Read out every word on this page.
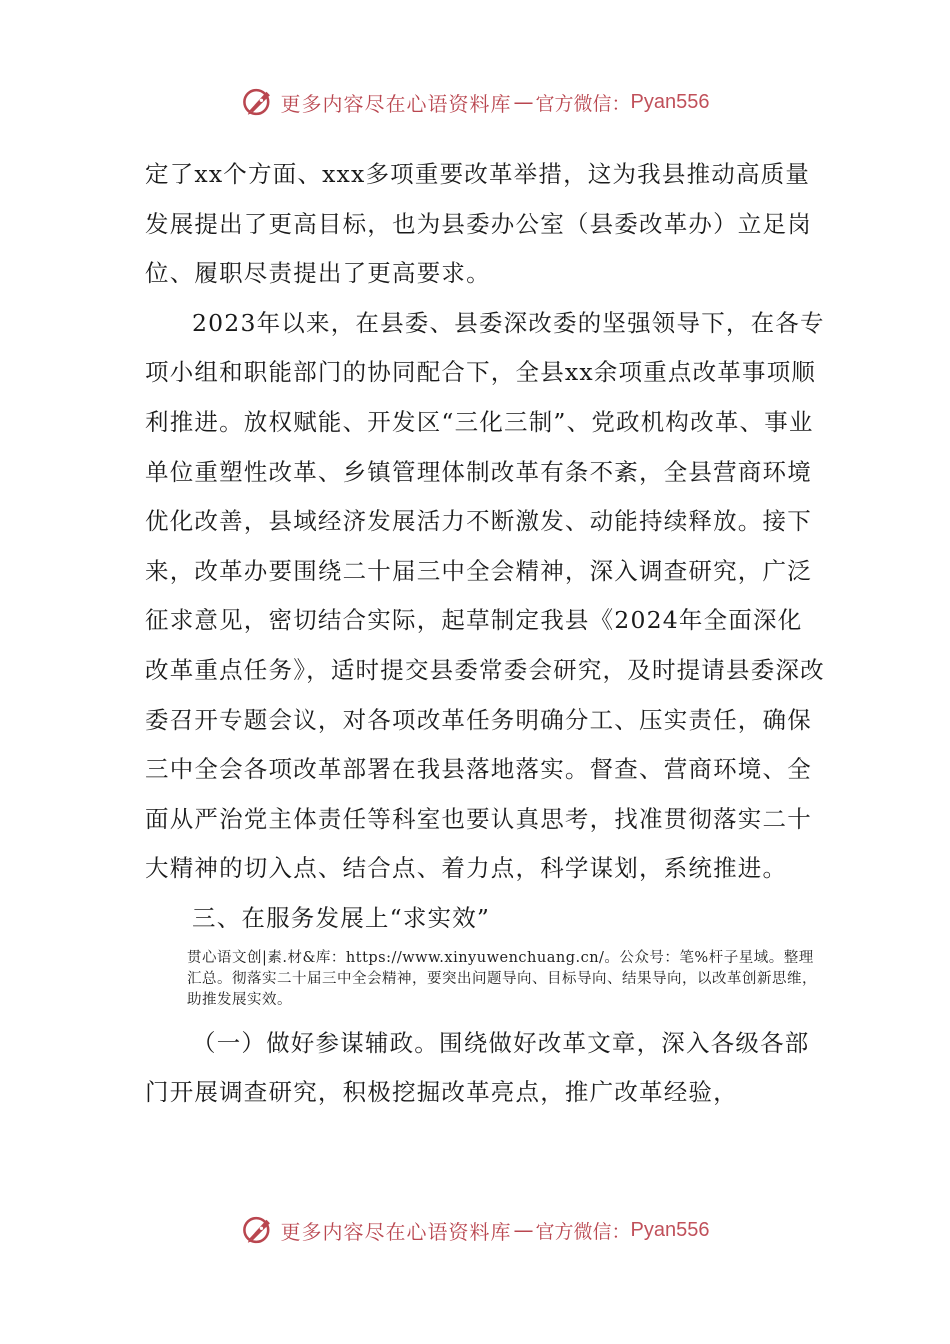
更多内容尽在心语资料库 — 官方微信： Pyan556

定了xx个方面、xxx多项重要改革举措，这为我县推动高质量发展提出了更高目标，也为县委办公室（县委改革办）立足岗位、履职尽责提出了更高要求。

2023年以来，在县委、县委深改委的坚强领导下，在各专项小组和职能部门的协同配合下，全县xx余项重点改革事项顺利推进。放权赋能、开发区“三化三制”、党政机构改革、事业单位重塑性改革、乡镇管理体制改革有条不紊，全县营商环境优化改善，县域经济发展活力不断激发、动能持续释放。接下来，改革办要围绕二十届三中全会精神，深入调查研究，广泛征求意见，密切结合实际，起草制定我县《2024年全面深化改革重点任务》，适时提交县委常委会研究，及时提请县委深改委召开专题会议，对各项改革任务明确分工、压实责任，确保三中全会各项改革部署在我县落地落实。督查、营商环境、全面从严治党主体责任等科室也要认真思考，找准贯彻落实二十大精神的切入点、结合点、着力点，科学谋划，系统推进。

三、在服务发展上“求实效”

贯心语文创|素.材&库：https://www.xinyuwenchuang.cn/。公众号：笔%杆子星域。整理汇总。彻落实二十届三中全会精神，要突出问题导向、目标导向、结果导向，以改革创新思维，助推发展实效。

（一）做好参谋辅政。围绕做好改革文章，深入各级各部门开展调查研究，积极挖掘改革亮点，推广改革经验，

更多内容尽在心语资料库 — 官方微信： Pyan556
